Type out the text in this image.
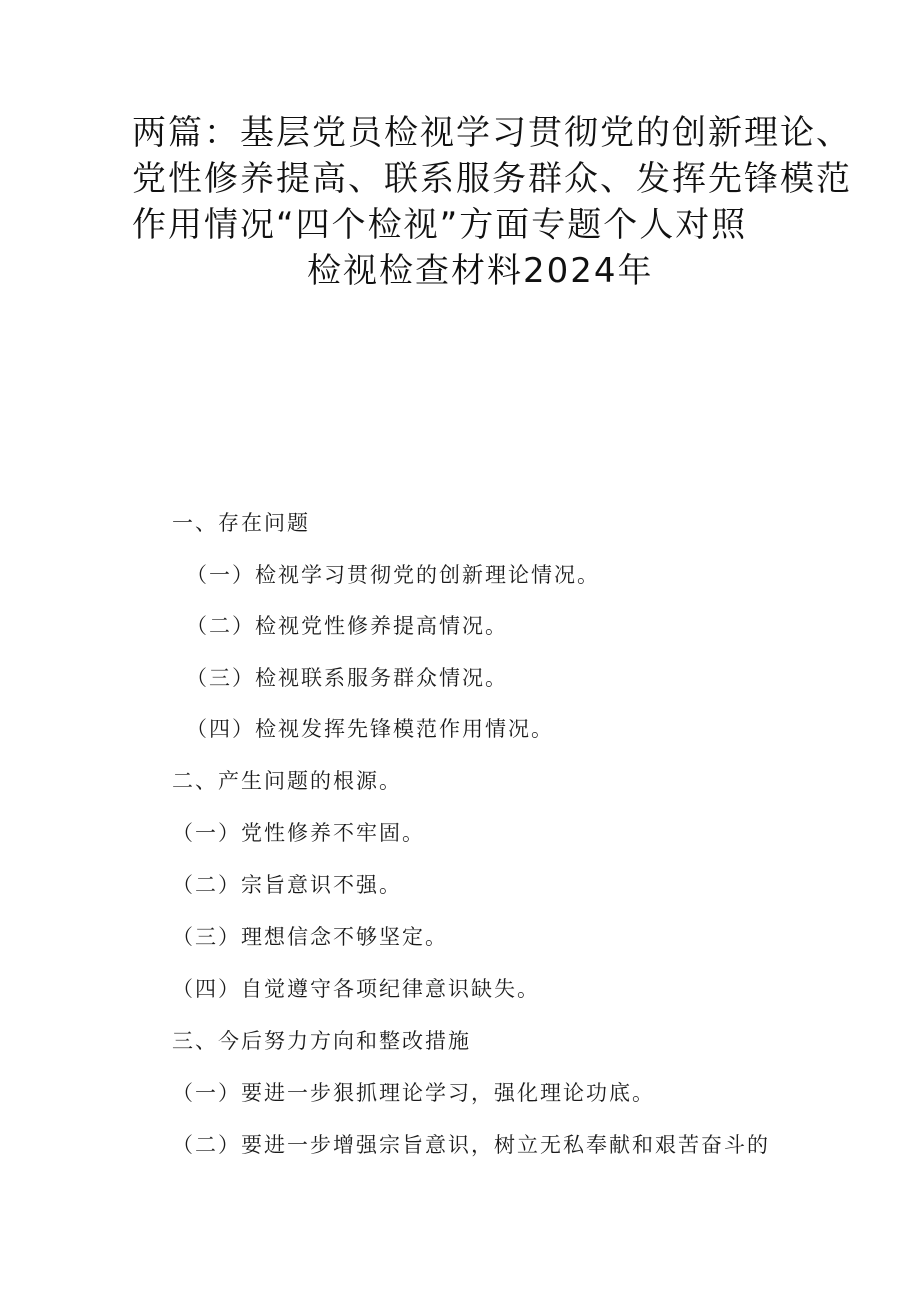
两篇：基层党员检视学习贯彻党的创新理论、
党性修养提高、联系服务群众、发挥先锋模范
作用情况“四个检视”方面专题个人对照
检视检查材料2024年
一、存在问题
（一）检视学习贯彻党的创新理论情况。
（二）检视党性修养提高情况。
（三）检视联系服务群众情况。
（四）检视发挥先锋模范作用情况。
二、产生问题的根源。
（一）党性修养不牢固。
（二）宗旨意识不强。
（三）理想信念不够坚定。
（四）自觉遵守各项纪律意识缺失。
三、今后努力方向和整改措施
（一）要进一步狠抓理论学习，强化理论功底。
（二）要进一步增强宗旨意识，树立无私奉献和艰苦奋斗的
